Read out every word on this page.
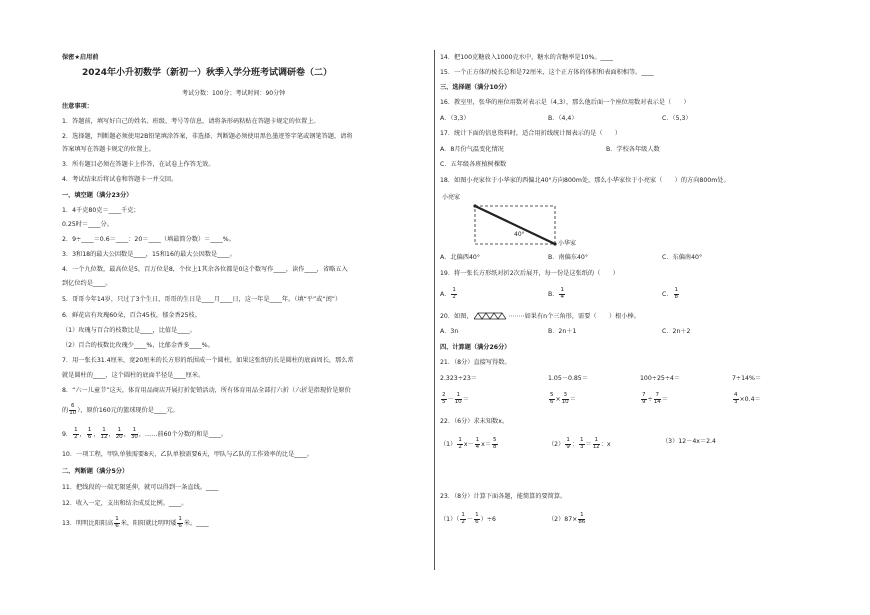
保密★启用前
2024年小升初数学（新初一）秋季入学分班考试调研卷（二）
考试分数：100分；考试时间：90分钟
注意事项：
1．答题前，填写好自己的姓名、班级、考号等信息，请将条形码粘贴在答题卡规定的位置上。
2．选择题，判断题必须使用2B铅笔填涂答案，非选择、判断题必须使用黑色墨迹签字笔或钢笔答题，请将
答案填写在答题卡规定的位置上。
3．所有题目必须在答题卡上作答，在试卷上作答无效。
4．考试结束后将试卷和答题卡一并交回。
一、填空题（满分23分）
1．4千克80克＝____千克；
0.25时＝____分。
2．9÷____＝0.6＝____：20＝____（填最简分数）＝____%。
3．3和18的最大公因数是____，15和16的最大公因数是____。
4．一个九位数，最高位是5，百万位是8，个位上1其余各位都是0这个数写作____，读作____，省略五入
到亿位约是____。
5．哥哥今年14岁，只过了3个生日，哥哥的生日是____月____日，这一年是____年。（填“平”或“闰”）
6．鲜花店有玫瑰60朵，百合45枝，郁金香25枝。
（1）玫瑰与百合的枝数比是____，比值是____。
（2）百合的枝数比玫瑰少____%，比郁金香多____%。
7．用一张长31.4厘米，宽20厘米的长方形的纸围成一个圆柱，如果这张纸的长是圆柱的底面周长，那么常
就是圆柱的____，这个圆柱的底面半径是____厘米。
8．“六一儿童节”这天，体育用品商店开展打折促销活动，所有体育用品全部打六折（六折是指现价是原价
的 $\frac{6}{10}$ ），原价160元的篮球现价是____元。
9． $\frac{1}{2}$ ， $\frac{1}{6}$ ， $\frac{1}{12}$ ， $\frac{1}{20}$ ， $\frac{1}{30}$ ，……前60个分数的和是____。
10．一项工程，甲队单独需要8天，乙队单独需要6天，甲队与乙队的工作效率的比是____。
二、判断题（满分5分）
11．把线段的一端无限延伸，就可以得到一条直线。____
12．收入一定，支出和结余成反比例。____。
13．明明比阳阳高 $\frac{1}{6}$ 米，阳阳就比明明矮 $\frac{1}{6}$ 米。____
14．把100克糖放入1000克水中，糖水的含糖率是10%。____
15．一个正方体的棱长总和是72厘米，这个正方体的体积和表面积相等。____
三、选择题（满分10分）
16．教室里，张华的座位用数对表示是（4,3），那么他后面一个座位用数对表示是（　　）
A．（3,3）	B．（4,4）	C．（5,3）
17．统计下面的信息资料时，适合用折线统计图表示的是（　　）
A．8月份气温变化情况	B．学校各年级人数
C．五年级各班植树棵数
18．如图小亮家位于小华家的西偏北40°方向800m处，那么小华家位于小亮家（　　）的方向800m处。
小亮家
40°
小华家
A．北偏西40°	B．南偏东40°	C．东偏南40°
19．将一张长方形纸对折2次后展开，每一份是这张纸的（　　）
A． $\frac{1}{2}$	B． $\frac{1}{4}$	C． $\frac{1}{8}$
20．如图，	如果有n个三角形，需要（　　）根小棒。
A．3n	B．2n＋1	C．2n＋2
四、计算题（满分26分）
21．（8分）直接写得数。
2.323÷23＝	1.05－0.85＝	100÷25÷4＝	7÷14%＝
$\frac{2}{5} - \frac{1}{10}$ ＝	$\frac{5}{6} \times \frac{3}{10}$ ＝	$\frac{7}{9} \div \frac{7}{14}$ ＝	$\frac{4}{3} \times 0.4=$
22．（6分）求未知数x。
$(1) \frac{1}{2} x- \frac{1}{4} x= \frac{5}{8}$	$(2) \frac{1}{9}$ ： $\frac{1}{3} = \frac{1}{12}$ ：x	（3）12－4x＝2.4
23．（8分）计算下面各题，能简算的要简算。
$(1)( \frac{1}{2} - \frac{1}{6} )\div 6$	$(2)87\times \frac{1}{86}$
